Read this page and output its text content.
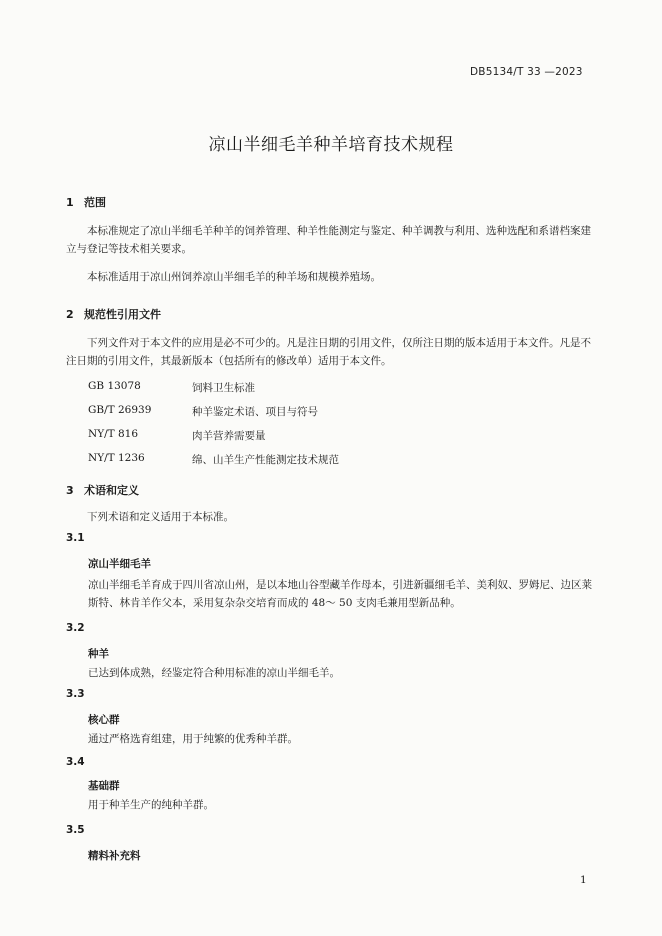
DB5134/T 33 —2023
凉山半细毛羊种羊培育技术规程
1 范围
本标准规定了凉山半细毛羊种羊的饲养管理、种羊性能测定与鉴定、种羊调教与利用、选种选配和系谱档案建立与登记等技术相关要求。
本标准适用于凉山州饲养凉山半细毛羊的种羊场和规模养殖场。
2 规范性引用文件
下列文件对于本文件的应用是必不可少的。凡是注日期的引用文件，仅所注日期的版本适用于本文件。凡是不注日期的引用文件，其最新版本（包括所有的修改单）适用于本文件。
GB 13078	饲料卫生标准
GB/T 26939	种羊鉴定术语、项目与符号
NY/T 816	肉羊营养需要量
NY/T 1236	绵、山羊生产性能测定技术规范
3 术语和定义
下列术语和定义适用于本标准。
3.1
凉山半细毛羊
凉山半细毛羊育成于四川省凉山州，是以本地山谷型藏羊作母本，引进新疆细毛羊、美利奴、罗姆尼、边区莱斯特、林肯羊作父本，采用复杂杂交培育而成的 48～ 50 支肉毛兼用型新品种。
3.2
种羊
已达到体成熟，经鉴定符合种用标准的凉山半细毛羊。
3.3
核心群
通过严格选育组建，用于纯繁的优秀种羊群。
3.4
基础群
用于种羊生产的纯种羊群。
3.5
精料补充料
1
